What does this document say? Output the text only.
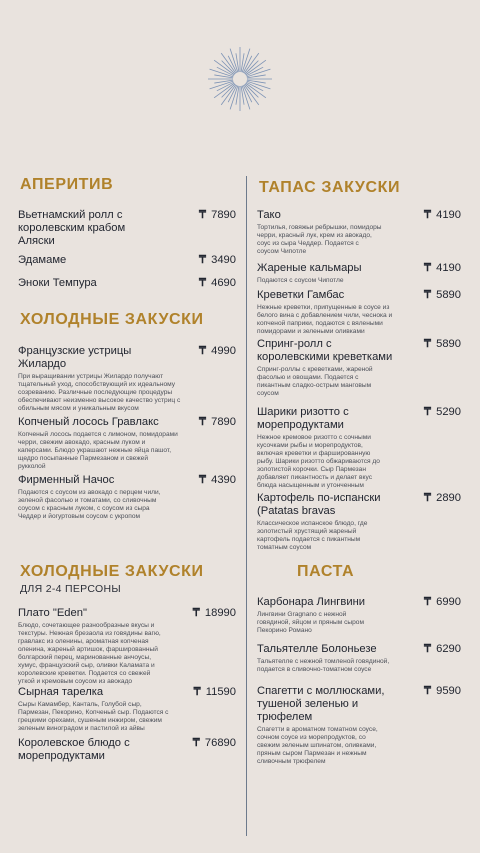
АПЕРИТИВ
Вьетнамский ролл с
королевским крабом
Аляски
₸ 7890
Эдамаме	₸ 3490
Эноки Темпура	₸ 4690
ХОЛОДНЫЕ ЗАКУСКИ
Французские устрицы
Жилардо
₸ 4990
При выращивании устрицы Жилардо получают
тщательный уход, способствующий их идеальному
созреванию. Различные последующие процедуры
обеспечивают неизменно высокое качество устриц с
обильным мясом и уникальным вкусом
Копченый лосось Гравлакс	₸ 7890
Копченый лосось подается с лимоном, помидорами
черри, свежим авокадо, красным луком и
каперсами. Блюдо украшают нежные яйца пашот,
щедро посыпанные Пармезаном и свежей
рукколой
Фирменный Начос	₸ 4390
Подаются с соусом из авокадо с перцем чили,
зеленой фасолью и томатами, со сливочным
соусом с красным луком, с соусом из сыра
Чеддер и йогуртовым соусом с укропом
ХОЛОДНЫЕ ЗАКУСКИ
ДЛЯ 2-4 ПЕРСОНЫ
Плато "Eden"	₸ 18990
Блюдо, сочетающее разнообразные вкусы и
текстуры. Нежная брезаола из говядины вагю,
гравлакс из оленины, ароматная копченая
оленина, жареный артишок, фаршированный
болгарский перец, маринованные анчоусы,
хумус, французский сыр, оливки Каламата и
королевские креветки. Подается со свежей
уткой и кремовым соусом из авокадо
Сырная тарелка	₸ 11590
Сыры Камамбер, Канталь, Голубой сыр,
Пармезан, Пекорино, Копченый сыр. Подаются с
грецкими орехами, сушеным инжиром, свежим
зеленым виноградом и пастилой из айвы
Королевское блюдо с
морепродуктами
₸ 76890
ТАПАС ЗАКУСКИ
Тако	₸ 4190
Тортилья, говяжьи ребрышки, помидоры
черри, красный лук, крем из авокадо,
соус из сыра Чеддер. Подается с
соусом Чипотле
Жареные кальмары	₸ 4190
Подаются с соусом Чипотле
Креветки Гамбас	₸ 5890
Нежные креветки, припущенные в соусе из
белого вина с добавлением чили, чеснока и
копченой паприки, подаются с вялеными
помидорами и зелеными оливками
Спринг-ролл с
королевскими креветками
₸ 5890
Спринг-роллы с креветками, жареной
фасолью и овощами. Подается с
пикантным сладко-острым манговым
соусом
Шарики ризотто с
морепродуктами
₸ 5290
Нежное кремовое ризотто с сочными
кусочками рыбы и морепродуктов,
включая креветки и фаршированную
рыбу. Шарики ризотто обжариваются до
золотистой корочки. Сыр Пармезан
добавляет пикантность и делает вкус
блюда насыщенным и утонченным
Картофель по-испански
(Patatas bravas
₸ 2890
Классическое испанское блюдо, где
золотистый хрустящий жареный
картофель подается с пикантным
томатным соусом
ПАСТА
Карбонара Лингвини	₸ 6990
Лингвини Gragnano с нежной
говядиной, яйцом и пряным сыром
Пекорино Романо
Тальятелле Болоньезе	₸ 6290
Тальятелле с нежной томленой говядиной,
подается в сливочно-томатном соусе
Спагетти с моллюсками,
тушеной зеленью и
трюфелем
₸ 9590
Спагетти в ароматном томатном соусе,
сочном соусе из морепродуктов, со
свежим зеленым шпинатом, оливками,
пряным сыром Пармезан и нежным
сливочным трюфелем
